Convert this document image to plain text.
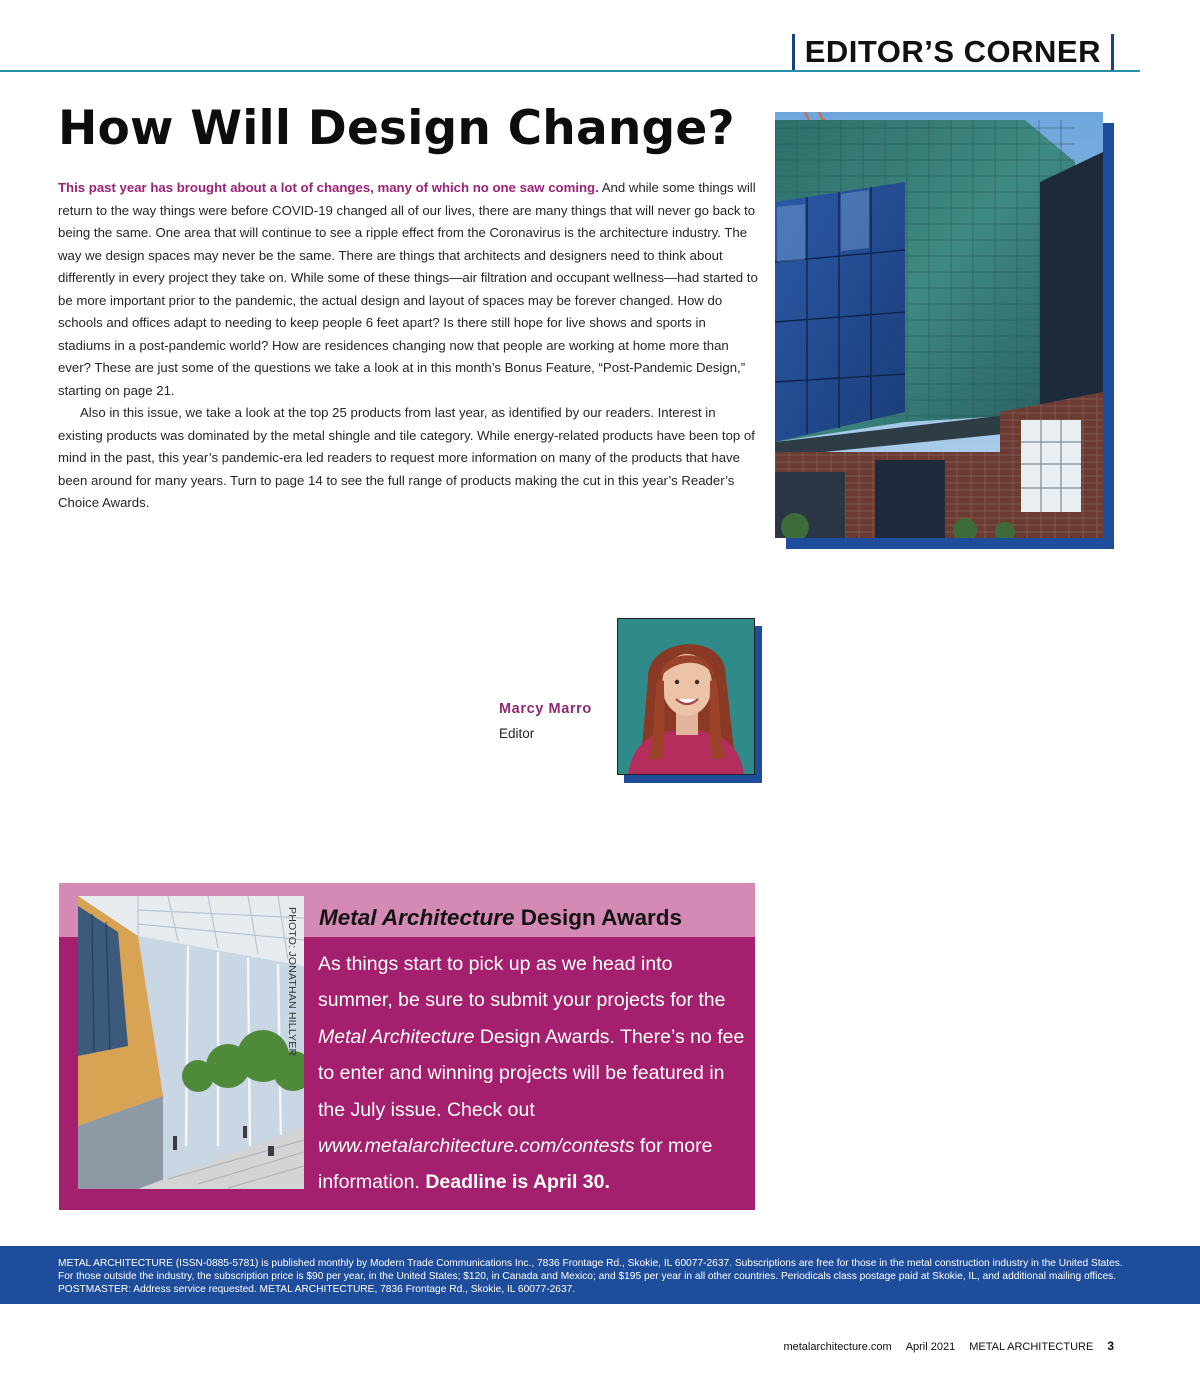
EDITOR’S CORNER
How Will Design Change?

This past year has brought about a lot of changes, many of which no one saw coming. And while some things will return to the way things were before COVID-19 changed all of our lives, there are many things that will never go back to being the same. One area that will continue to see a ripple effect from the Coronavirus is the architecture industry. The way we design spaces may never be the same. There are things that architects and designers need to think about differently in every project they take on. While some of these things—air filtration and occupant wellness—had started to be more important prior to the pandemic, the actual design and layout of spaces may be forever changed. How do schools and offices adapt to needing to keep people 6 feet apart? Is there still hope for live shows and sports in stadiums in a post-pandemic world? How are residences changing now that people are working at home more than ever? These are just some of the questions we take a look at in this month’s Bonus Feature, “Post-Pandemic Design,” starting on page 21.

Also in this issue, we take a look at the top 25 products from last year, as identified by our readers. Interest in existing products was dominated by the metal shingle and tile category. While energy-related products have been top of mind in the past, this year’s pandemic-era led readers to request more information on many of the products that have been around for many years. Turn to page 14 to see the full range of products making the cut in this year’s Reader’s Choice Awards.

Marcy Marro
Editor
PHOTO: JONATHAN HILLYER Metal Architecture Design Awards
As things start to pick up as we head into summer, be sure to submit your projects for the Metal Architecture Design Awards. There’s no fee to enter and winning projects will be featured in the July issue. Check out www.metalarchitecture.com/contests for more information. Deadline is April 30.
METAL ARCHITECTURE (ISSN-0885-5781) is published monthly by Modern Trade Communications Inc., 7836 Frontage Rd., Skokie, IL 60077-2637. Subscriptions are free for those in the metal construction industry in the United States. For those outside the industry, the subscription price is $90 per year, in the United States; $120, in Canada and Mexico; and $195 per year in all other countries. Periodicals class postage paid at Skokie, IL, and additional mailing offices. POSTMASTER: Address service requested. METAL ARCHITECTURE, 7836 Frontage Rd., Skokie, IL 60077-2637.
metalarchitecture.com April 2021 METAL ARCHITECTURE 3
